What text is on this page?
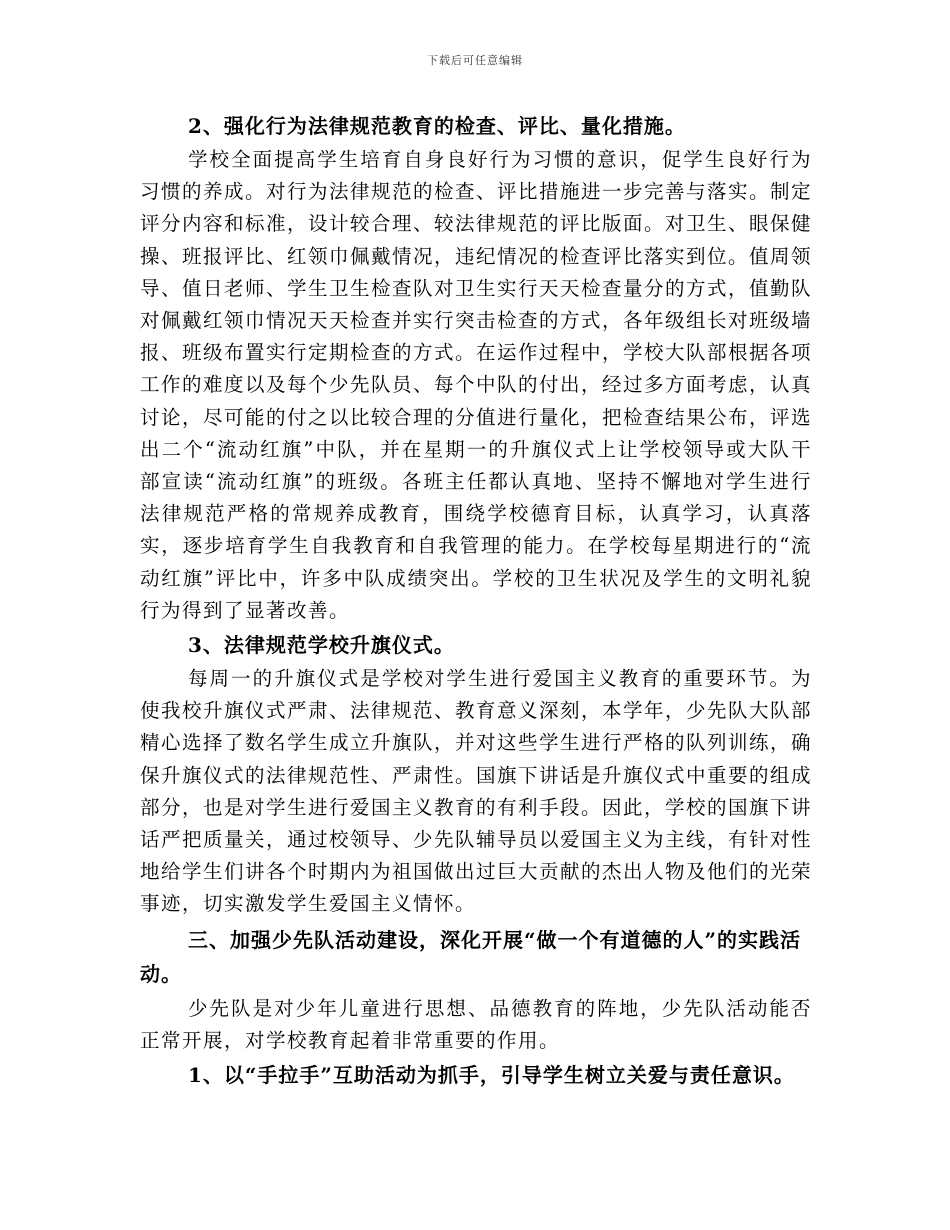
下载后可任意编辑

2、强化行为法律规范教育的检查、评比、量化措施。

学校全面提高学生培育自身良好行为习惯的意识，促学生良好行为习惯的养成。对行为法律规范的检查、评比措施进一步完善与落实。制定评分内容和标准，设计较合理、较法律规范的评比版面。对卫生、眼保健操、班报评比、红领巾佩戴情况，违纪情况的检查评比落实到位。值周领导、值日老师、学生卫生检查队对卫生实行天天检查量分的方式，值勤队对佩戴红领巾情况天天检查并实行突击检查的方式，各年级组长对班级墙报、班级布置实行定期检查的方式。在运作过程中，学校大队部根据各项工作的难度以及每个少先队员、每个中队的付出，经过多方面考虑，认真讨论，尽可能的付之以比较合理的分值进行量化，把检查结果公布，评选出二个“流动红旗”中队，并在星期一的升旗仪式上让学校领导或大队干部宣读“流动红旗”的班级。各班主任都认真地、坚持不懈地对学生进行法律规范严格的常规养成教育，围绕学校德育目标，认真学习，认真落实，逐步培育学生自我教育和自我管理的能力。在学校每星期进行的“流动红旗”评比中，许多中队成绩突出。学校的卫生状况及学生的文明礼貌行为得到了显著改善。

3、法律规范学校升旗仪式。

每周一的升旗仪式是学校对学生进行爱国主义教育的重要环节。为使我校升旗仪式严肃、法律规范、教育意义深刻，本学年，少先队大队部精心选择了数名学生成立升旗队，并对这些学生进行严格的队列训练，确保升旗仪式的法律规范性、严肃性。国旗下讲话是升旗仪式中重要的组成部分，也是对学生进行爱国主义教育的有利手段。因此，学校的国旗下讲话严把质量关，通过校领导、少先队辅导员以爱国主义为主线，有针对性地给学生们讲各个时期内为祖国做出过巨大贡献的杰出人物及他们的光荣事迹，切实激发学生爱国主义情怀。

三、加强少先队活动建设，深化开展“做一个有道德的人”的实践活动。

少先队是对少年儿童进行思想、品德教育的阵地，少先队活动能否正常开展，对学校教育起着非常重要的作用。

1、以“手拉手”互助活动为抓手，引导学生树立关爱与责任意识。
